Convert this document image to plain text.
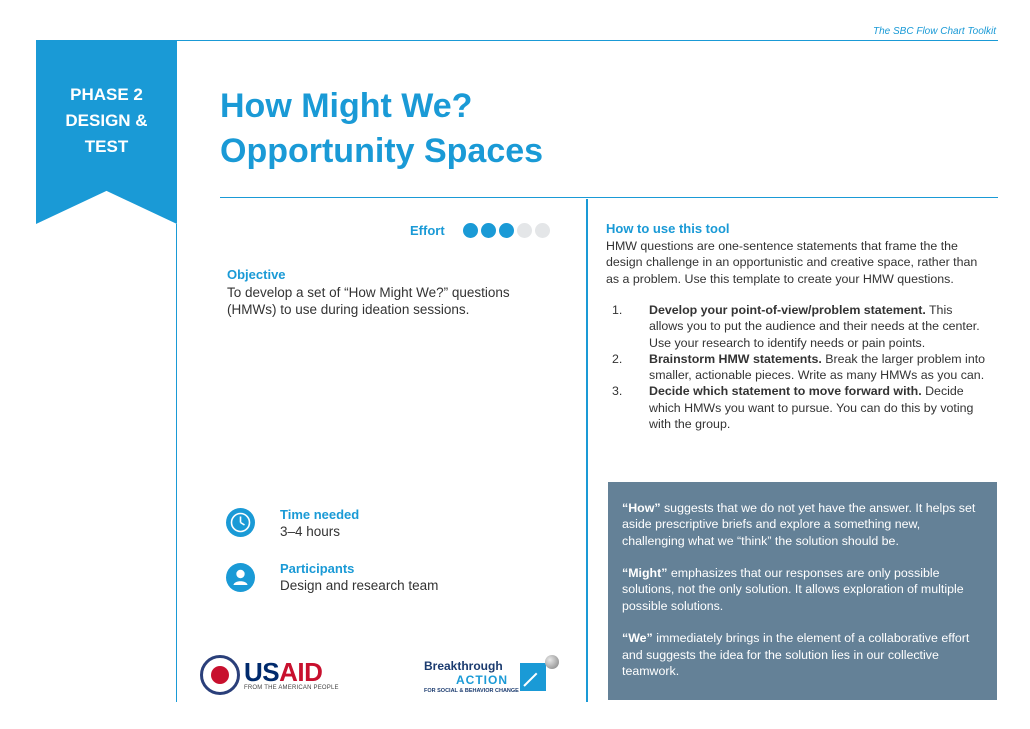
The SBC Flow Chart Toolkit
PHASE 2
DESIGN &
TEST
How Might We?
Opportunity Spaces
Effort
Objective
To develop a set of “How Might We?” questions (HMWs) to use during ideation sessions.
Time needed
3–4 hours
Participants
Design and research team
USAID
FROM THE AMERICAN PEOPLE
Breakthrough
ACTION
FOR SOCIAL & BEHAVIOR CHANGE
How to use this tool
HMW questions are one-sentence statements that frame the the design challenge in an opportunistic and creative space, rather than as a problem. Use this template to create your HMW questions.
1.	Develop your point-of-view/problem statement. This allows you to put the audience and their needs at the center. Use your research to identify needs or pain points.
2.	Brainstorm HMW statements. Break the larger problem into smaller, actionable pieces. Write as many HMWs as you can.
3.	Decide which statement to move forward with. Decide which HMWs you want to pursue. You can do this by voting with the group.
“How” suggests that we do not yet have the answer. It helps set aside prescriptive briefs and explore a something new, challenging what we “think” the solution should be.
“Might” emphasizes that our responses are only possible solutions, not the only solution. It allows exploration of multiple possible solutions.
“We” immediately brings in the element of a collaborative effort and suggests the idea for the solution lies in our collective teamwork.
